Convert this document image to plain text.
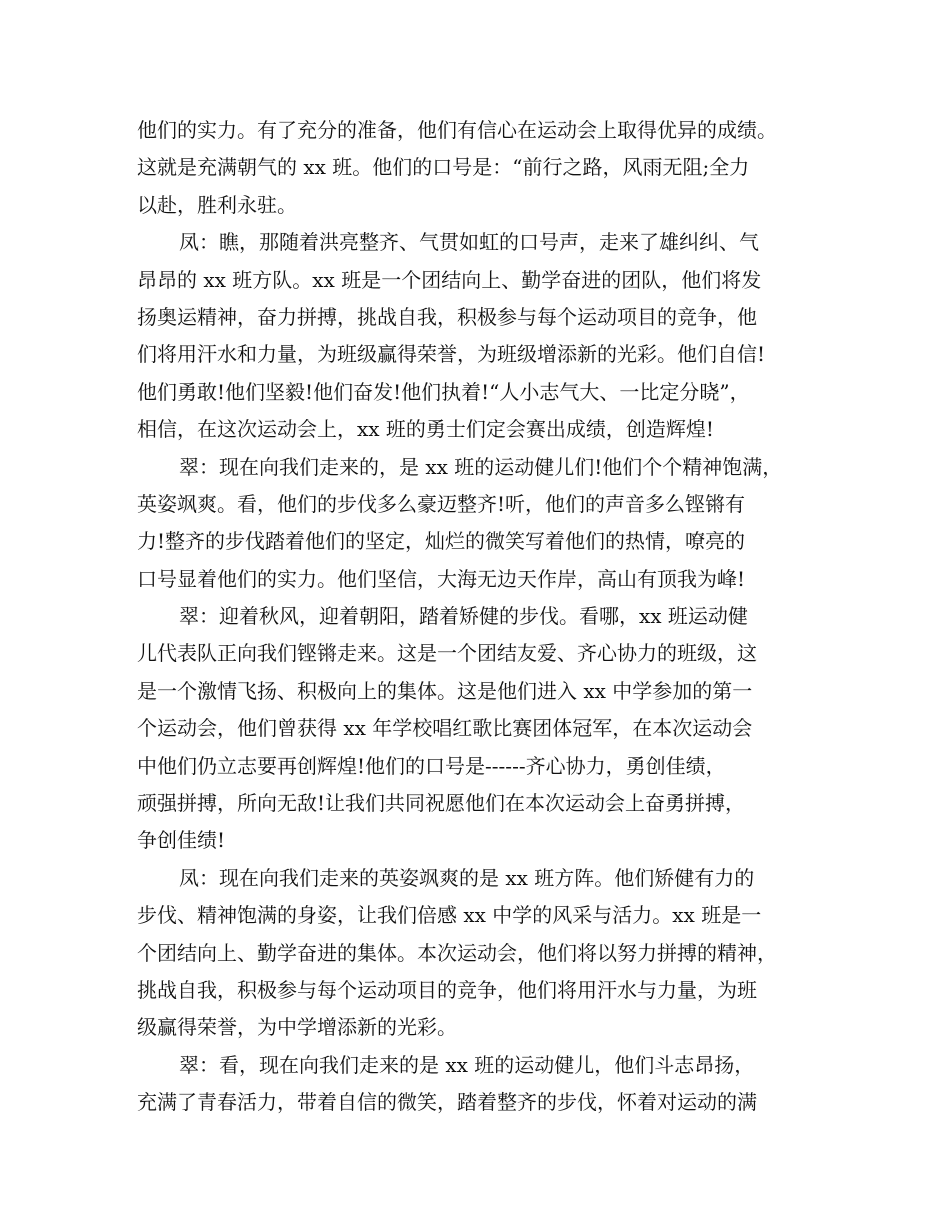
他们的实力。有了充分的准备，他们有信心在运动会上取得优异的成绩。
这就是充满朝气的 xx 班。他们的口号是：“前行之路，风雨无阻;全力
以赴，胜利永驻。
凤：瞧，那随着洪亮整齐、气贯如虹的口号声，走来了雄纠纠、气
昂昂的 xx 班方队。xx 班是一个团结向上、勤学奋进的团队，他们将发
扬奥运精神，奋力拼搏，挑战自我，积极参与每个运动项目的竞争，他
们将用汗水和力量，为班级赢得荣誉，为班级增添新的光彩。他们自信!
他们勇敢!他们坚毅!他们奋发!他们执着!“人小志气大、一比定分晓”，
相信，在这次运动会上，xx 班的勇士们定会赛出成绩，创造辉煌!
翠：现在向我们走来的，是 xx 班的运动健儿们!他们个个精神饱满，
英姿飒爽。看，他们的步伐多么豪迈整齐!听，他们的声音多么铿锵有
力!整齐的步伐踏着他们的坚定，灿烂的微笑写着他们的热情，嘹亮的
口号显着他们的实力。他们坚信，大海无边天作岸，高山有顶我为峰!
翠：迎着秋风，迎着朝阳，踏着矫健的步伐。看哪，xx 班运动健
儿代表队正向我们铿锵走来。这是一个团结友爱、齐心协力的班级，这
是一个激情飞扬、积极向上的集体。这是他们进入 xx 中学参加的第一
个运动会，他们曾获得 xx 年学校唱红歌比赛团体冠军，在本次运动会
中他们仍立志要再创辉煌!他们的口号是------齐心协力，勇创佳绩，
顽强拼搏，所向无敌!让我们共同祝愿他们在本次运动会上奋勇拼搏，
争创佳绩!
凤：现在向我们走来的英姿飒爽的是 xx 班方阵。他们矫健有力的
步伐、精神饱满的身姿，让我们倍感 xx 中学的风采与活力。xx 班是一
个团结向上、勤学奋进的集体。本次运动会，他们将以努力拼搏的精神，
挑战自我，积极参与每个运动项目的竞争，他们将用汗水与力量，为班
级赢得荣誉，为中学增添新的光彩。
翠：看，现在向我们走来的是 xx 班的运动健儿，他们斗志昂扬，
充满了青春活力，带着自信的微笑，踏着整齐的步伐，怀着对运动的满
